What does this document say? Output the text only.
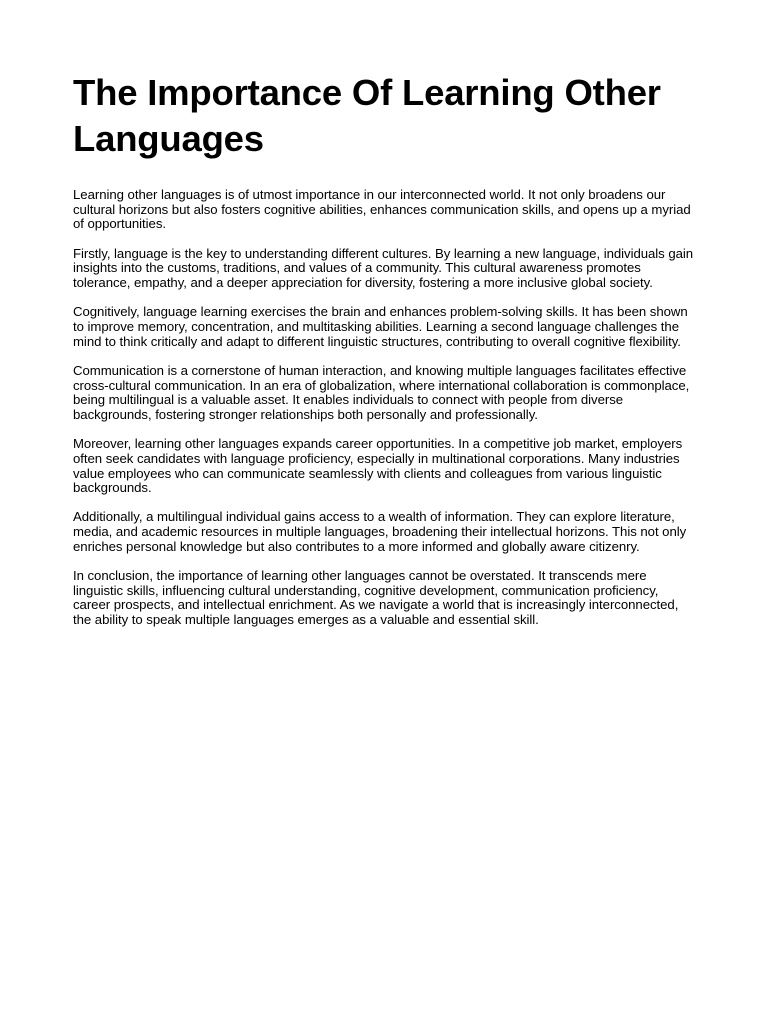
The Importance Of Learning Other Languages

Learning other languages is of utmost importance in our interconnected world. It not only broadens our cultural horizons but also fosters cognitive abilities, enhances communication skills, and opens up a myriad of opportunities.

Firstly, language is the key to understanding different cultures. By learning a new language, individuals gain insights into the customs, traditions, and values of a community. This cultural awareness promotes tolerance, empathy, and a deeper appreciation for diversity, fostering a more inclusive global society.

Cognitively, language learning exercises the brain and enhances problem-solving skills. It has been shown to improve memory, concentration, and multitasking abilities. Learning a second language challenges the mind to think critically and adapt to different linguistic structures, contributing to overall cognitive flexibility.

Communication is a cornerstone of human interaction, and knowing multiple languages facilitates effective cross-cultural communication. In an era of globalization, where international collaboration is commonplace, being multilingual is a valuable asset. It enables individuals to connect with people from diverse backgrounds, fostering stronger relationships both personally and professionally.

Moreover, learning other languages expands career opportunities. In a competitive job market, employers often seek candidates with language proficiency, especially in multinational corporations. Many industries value employees who can communicate seamlessly with clients and colleagues from various linguistic backgrounds.

Additionally, a multilingual individual gains access to a wealth of information. They can explore literature, media, and academic resources in multiple languages, broadening their intellectual horizons. This not only enriches personal knowledge but also contributes to a more informed and globally aware citizenry.

In conclusion, the importance of learning other languages cannot be overstated. It transcends mere linguistic skills, influencing cultural understanding, cognitive development, communication proficiency, career prospects, and intellectual enrichment. As we navigate a world that is increasingly interconnected, the ability to speak multiple languages emerges as a valuable and essential skill.
